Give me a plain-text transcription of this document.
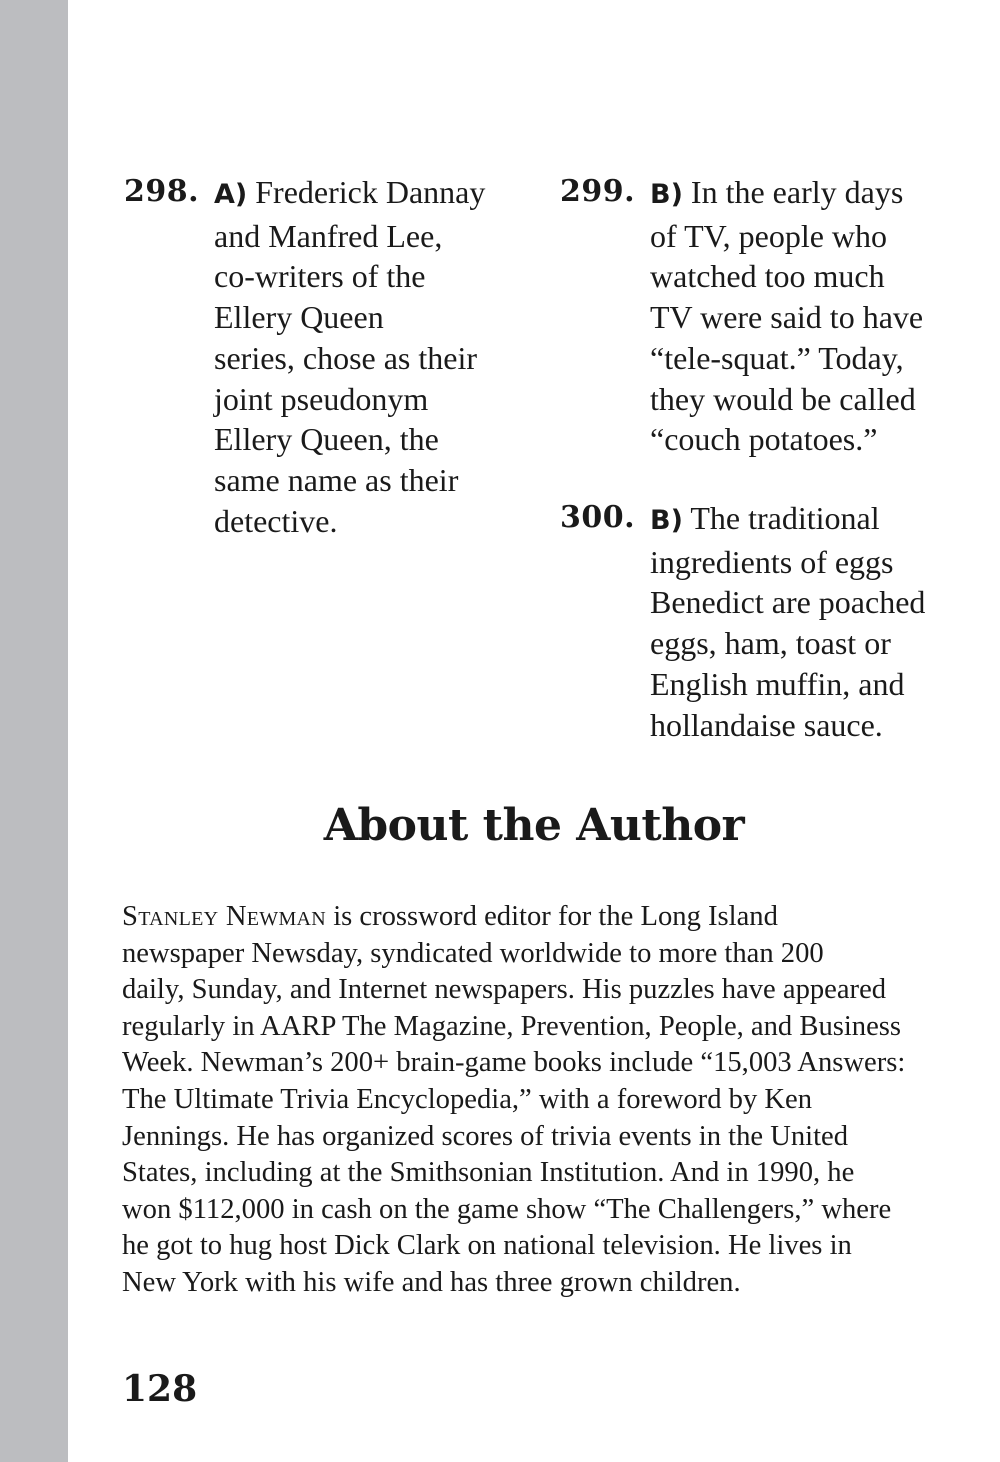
298. A) Frederick Dannay
and Manfred Lee,
co-writers of the
Ellery Queen
series, chose as their
joint pseudonym
Ellery Queen, the
same name as their
detective.
299. B) In the early days
of TV, people who
watched too much
TV were said to have
“tele-squat.” Today,
they would be called
“couch potatoes.”
300. B) The traditional
ingredients of eggs
Benedict are poached
eggs, ham, toast or
English muffin, and
hollandaise sauce.
About the Author

Stanley Newman is crossword editor for the Long Island
newspaper Newsday, syndicated worldwide to more than 200
daily, Sunday, and Internet newspapers. His puzzles have appeared
regularly in AARP The Magazine, Prevention, People, and Business
Week. Newman’s 200+ brain-game books include “15,003 Answers:
The Ultimate Trivia Encyclopedia,” with a foreword by Ken
Jennings. He has organized scores of trivia events in the United
States, including at the Smithsonian Institution. And in 1990, he
won $112,000 in cash on the game show “The Challengers,” where
he got to hug host Dick Clark on national television. He lives in
New York with his wife and has three grown children.

128
